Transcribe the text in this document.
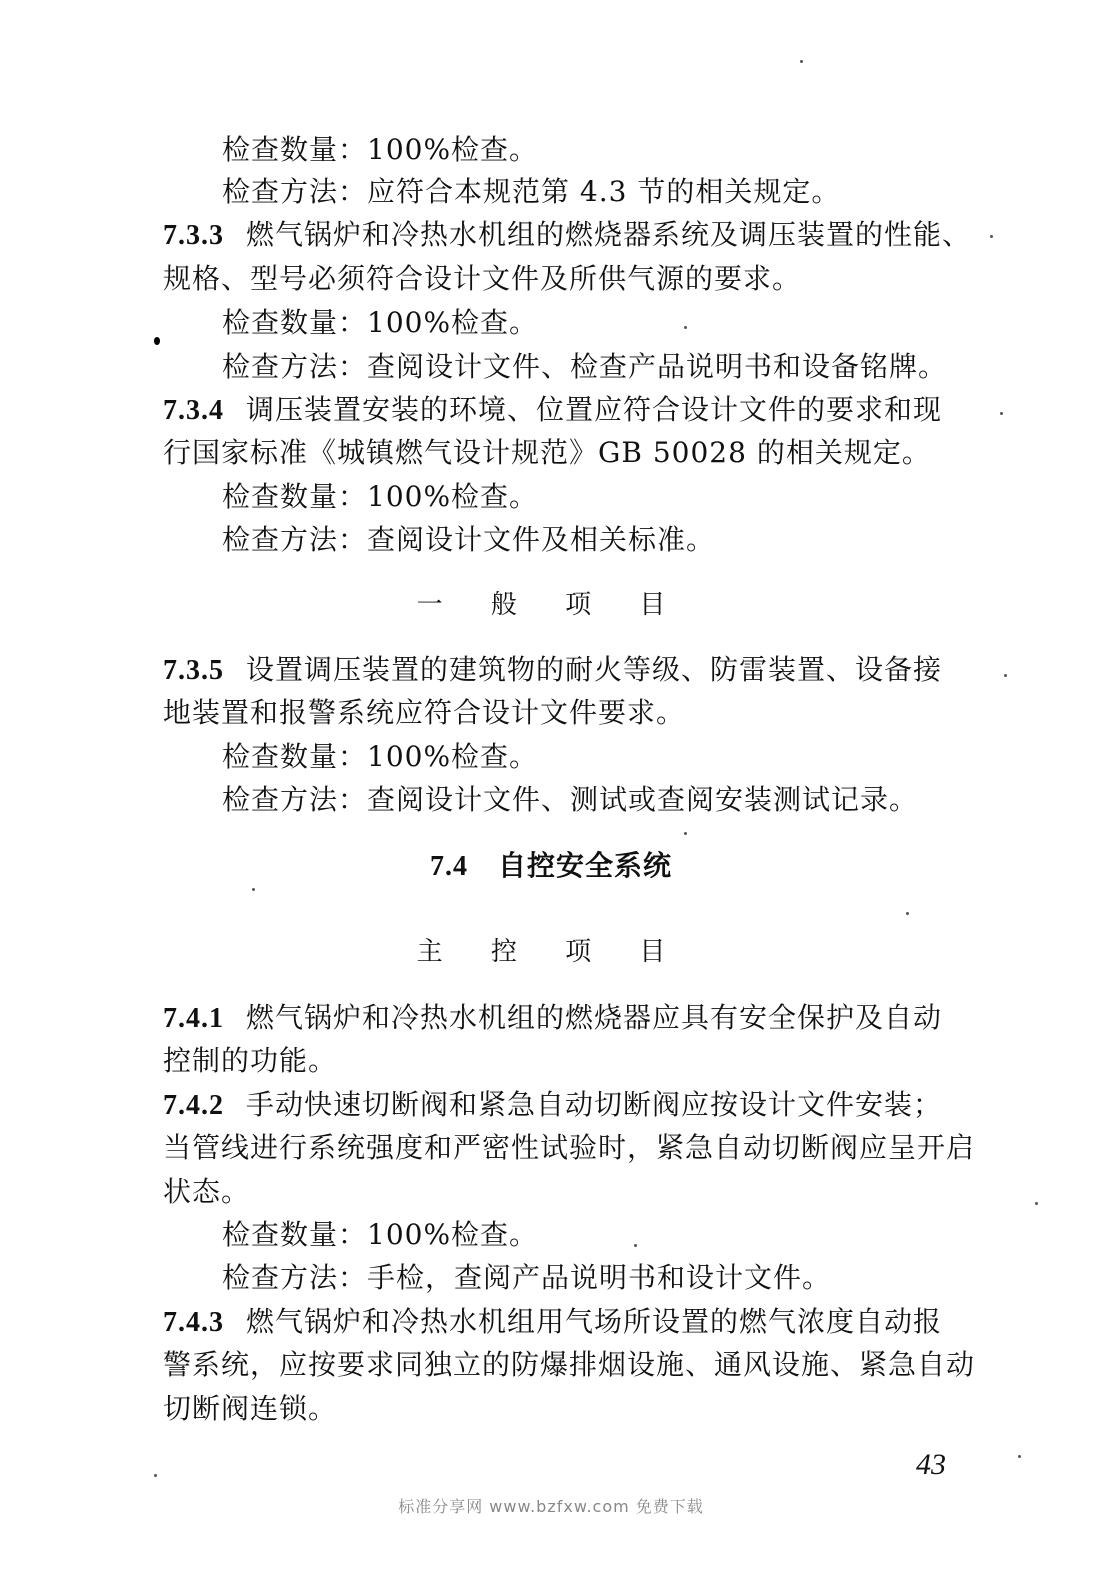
检查数量：100%检查。
检查方法：应符合本规范第 4.3 节的相关规定。
7.3.3 燃气锅炉和冷热水机组的燃烧器系统及调压装置的性能、
规格、型号必须符合设计文件及所供气源的要求。
检查数量：100%检查。
检查方法：查阅设计文件、检查产品说明书和设备铭牌。
7.3.4 调压装置安装的环境、位置应符合设计文件的要求和现
行国家标准《城镇燃气设计规范》GB 50028 的相关规定。
检查数量：100%检查。
检查方法：查阅设计文件及相关标准。
一 般 项 目
7.3.5 设置调压装置的建筑物的耐火等级、防雷装置、设备接
地装置和报警系统应符合设计文件要求。
检查数量：100%检查。
检查方法：查阅设计文件、测试或查阅安装测试记录。
7.4 自控安全系统
主 控 项 目
7.4.1 燃气锅炉和冷热水机组的燃烧器应具有安全保护及自动
控制的功能。
7.4.2 手动快速切断阀和紧急自动切断阀应按设计文件安装；
当管线进行系统强度和严密性试验时，紧急自动切断阀应呈开启
状态。
检查数量：100%检查。
检查方法：手检，查阅产品说明书和设计文件。
7.4.3 燃气锅炉和冷热水机组用气场所设置的燃气浓度自动报
警系统，应按要求同独立的防爆排烟设施、通风设施、紧急自动
切断阀连锁。
43
标准分享网 www.bzfxw.com 免费下载
